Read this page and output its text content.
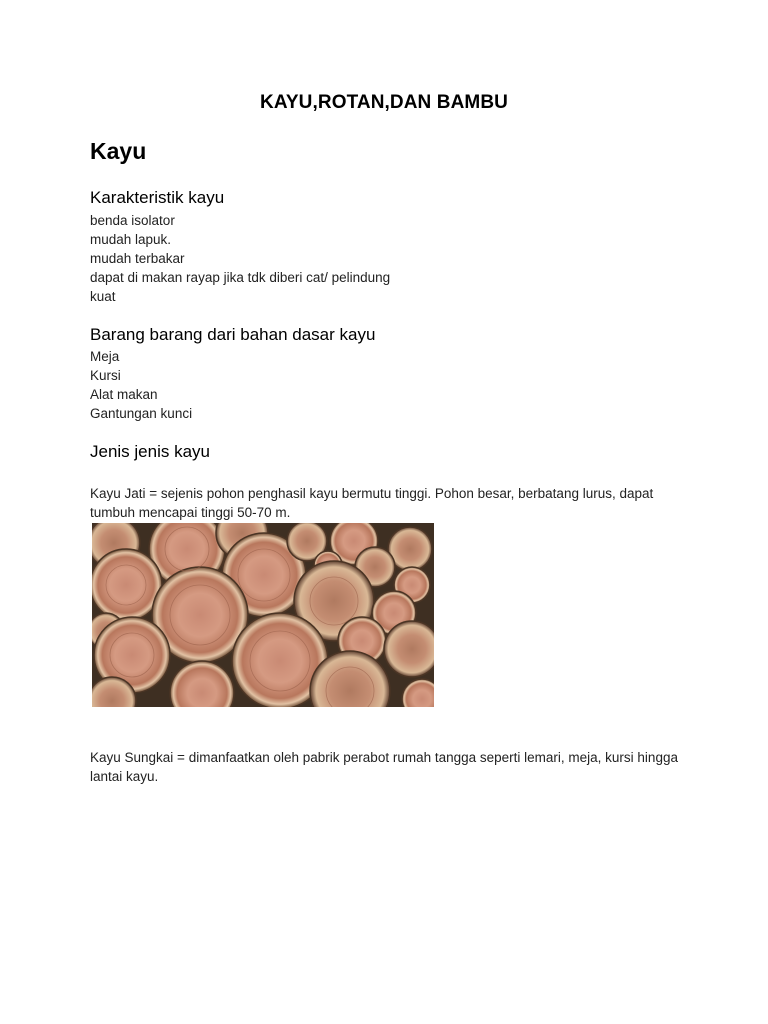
KAYU,ROTAN,DAN BAMBU
Kayu
Karakteristik kayu
benda isolator
mudah lapuk.
mudah terbakar
dapat di makan rayap jika tdk diberi cat/ pelindung
kuat
Barang barang dari bahan dasar kayu
Meja
Kursi
Alat makan
Gantungan kunci
Jenis jenis kayu

Kayu Jati = sejenis pohon penghasil kayu bermutu tinggi. Pohon besar, berbatang lurus, dapat tumbuh mencapai tinggi 50-70 m.

Kayu Sungkai = dimanfaatkan oleh pabrik perabot rumah tangga seperti lemari, meja, kursi hingga lantai kayu.
